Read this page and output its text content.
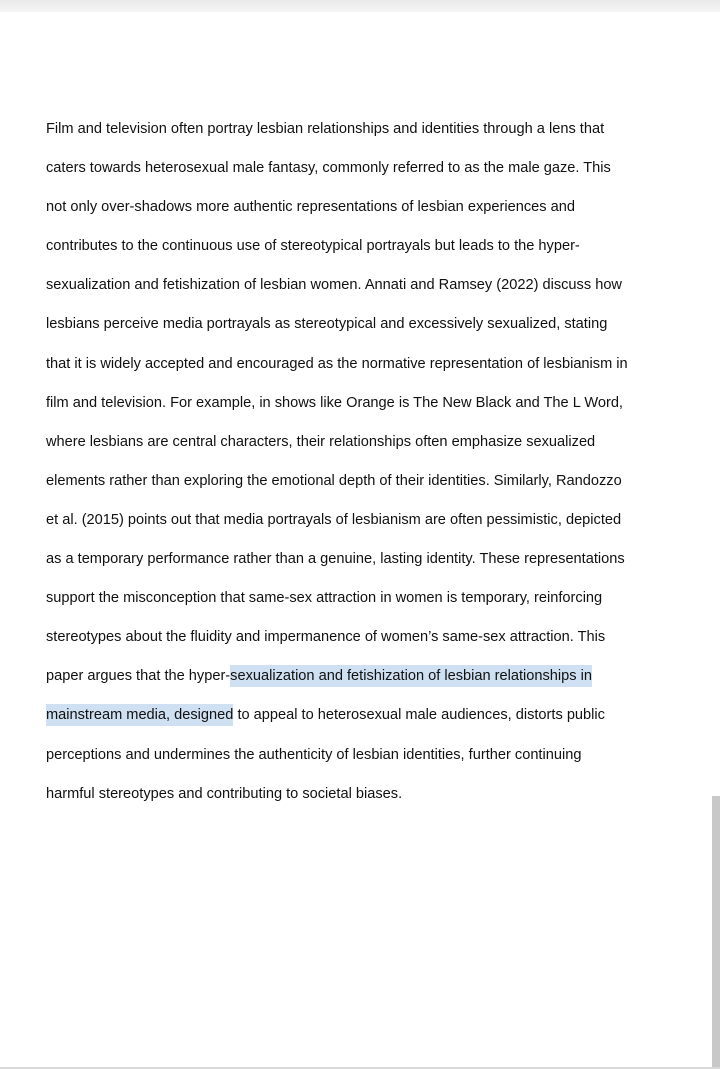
Film and television often portray lesbian relationships and identities through a lens that
caters towards heterosexual male fantasy, commonly referred to as the male gaze. This
not only over-shadows more authentic representations of lesbian experiences and
contributes to the continuous use of stereotypical portrayals but leads to the hyper-
sexualization and fetishization of lesbian women. Annati and Ramsey (2022) discuss how
lesbians perceive media portrayals as stereotypical and excessively sexualized, stating
that it is widely accepted and encouraged as the normative representation of lesbianism in
film and television. For example, in shows like Orange is The New Black and The L Word,
where lesbians are central characters, their relationships often emphasize sexualized
elements rather than exploring the emotional depth of their identities. Similarly, Randozzo
et al. (2015) points out that media portrayals of lesbianism are often pessimistic, depicted
as a temporary performance rather than a genuine, lasting identity. These representations
support the misconception that same-sex attraction in women is temporary, reinforcing
stereotypes about the fluidity and impermanence of women’s same-sex attraction. This
paper argues that the hyper-sexualization and fetishization of lesbian relationships in
mainstream media, designed to appeal to heterosexual male audiences, distorts public
perceptions and undermines the authenticity of lesbian identities, further continuing
harmful stereotypes and contributing to societal biases.
